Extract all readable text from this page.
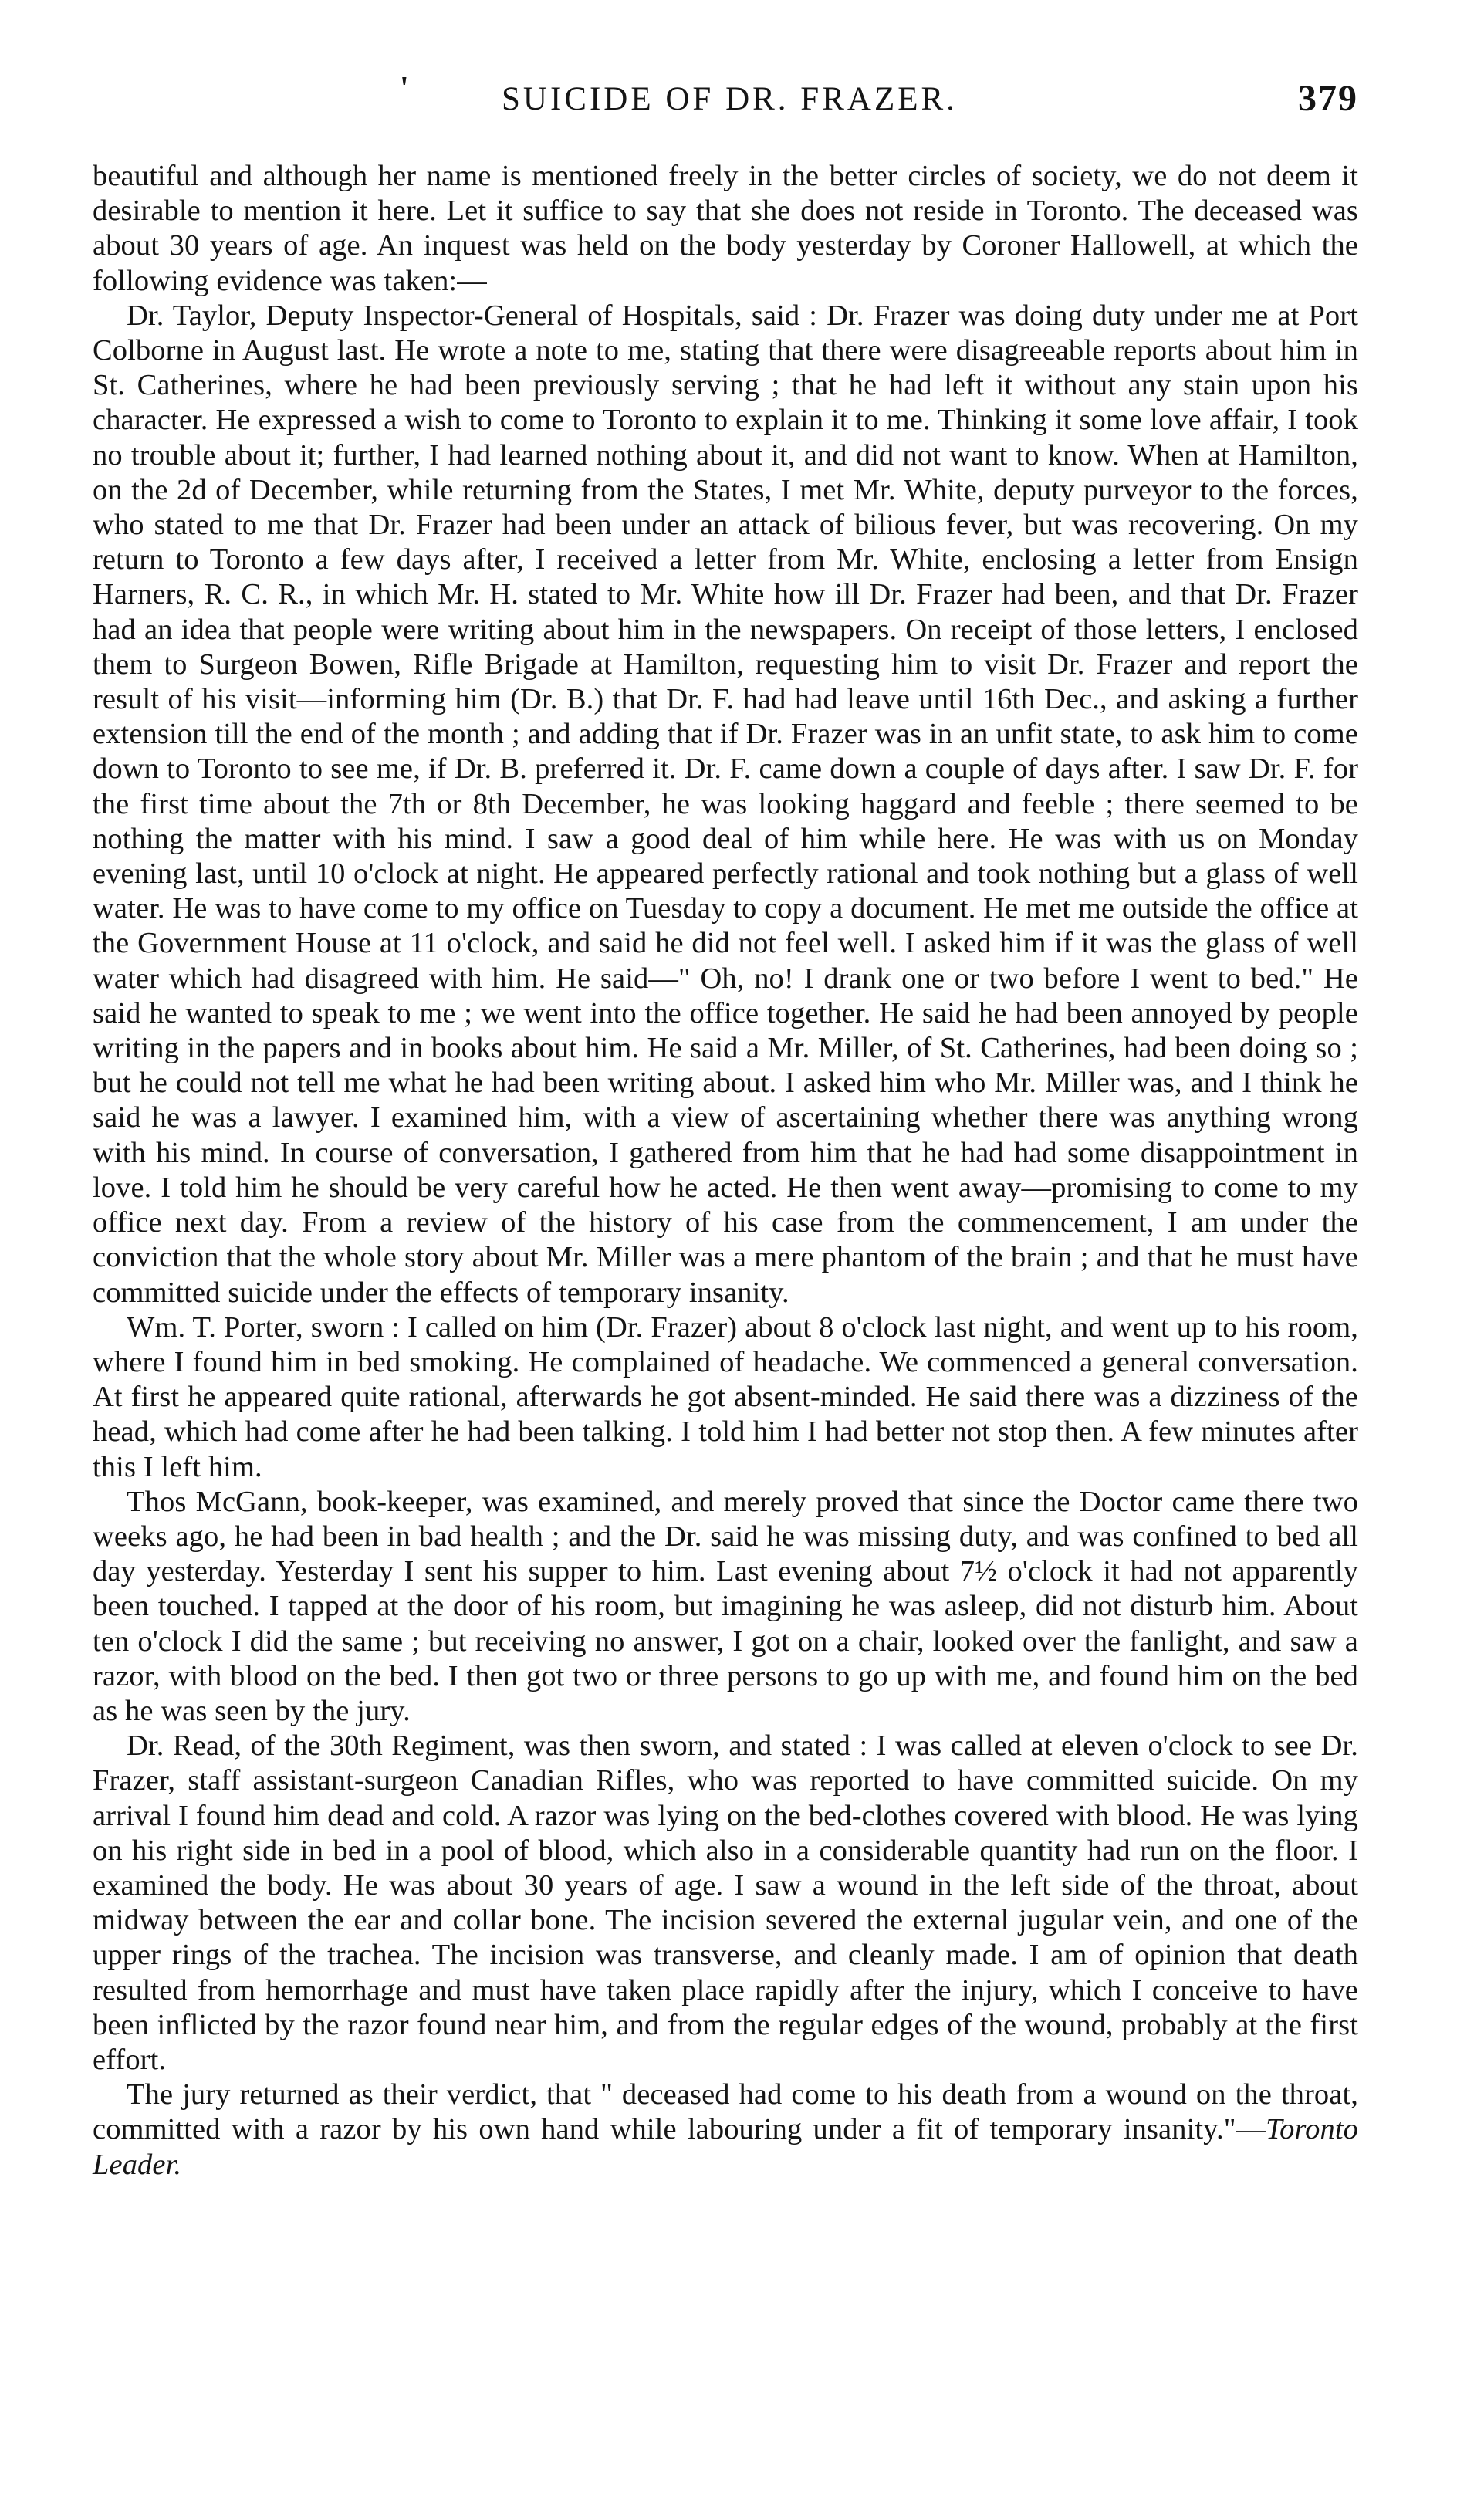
'	SUICIDE OF DR. FRAZER.	379

beautiful and although her name is mentioned freely in the better circles of society, we do not deem it desirable to mention it here. Let it suffice to say that she does not reside in Toronto. The deceased was about 30 years of age. An inquest was held on the body yesterday by Coroner Hallowell, at which the following evidence was taken:—

Dr. Taylor, Deputy Inspector-General of Hospitals, said : Dr. Frazer was doing duty under me at Port Colborne in August last. He wrote a note to me, stating that there were disagreeable reports about him in St. Catherines, where he had been previously serving ; that he had left it without any stain upon his character. He expressed a wish to come to Toronto to explain it to me. Thinking it some love affair, I took no trouble about it; further, I had learned nothing about it, and did not want to know. When at Hamilton, on the 2d of December, while returning from the States, I met Mr. White, deputy purveyor to the forces, who stated to me that Dr. Frazer had been under an attack of bilious fever, but was recovering. On my return to Toronto a few days after, I received a letter from Mr. White, enclosing a letter from Ensign Harners, R. C. R., in which Mr. H. stated to Mr. White how ill Dr. Frazer had been, and that Dr. Frazer had an idea that people were writing about him in the newspapers. On receipt of those letters, I enclosed them to Surgeon Bowen, Rifle Brigade at Hamilton, requesting him to visit Dr. Frazer and report the result of his visit—informing him (Dr. B.) that Dr. F. had had leave until 16th Dec., and asking a further extension till the end of the month ; and adding that if Dr. Frazer was in an unfit state, to ask him to come down to Toronto to see me, if Dr. B. preferred it. Dr. F. came down a couple of days after. I saw Dr. F. for the first time about the 7th or 8th December, he was looking haggard and feeble ; there seemed to be nothing the matter with his mind. I saw a good deal of him while here. He was with us on Monday evening last, until 10 o'clock at night. He appeared perfectly rational and took nothing but a glass of well water. He was to have come to my office on Tuesday to copy a document. He met me outside the office at the Government House at 11 o'clock, and said he did not feel well. I asked him if it was the glass of well water which had disagreed with him. He said—" Oh, no! I drank one or two before I went to bed." He said he wanted to speak to me ; we went into the office together. He said he had been annoyed by people writing in the papers and in books about him. He said a Mr. Miller, of St. Catherines, had been doing so ; but he could not tell me what he had been writing about. I asked him who Mr. Miller was, and I think he said he was a lawyer. I examined him, with a view of ascertaining whether there was anything wrong with his mind. In course of conversation, I gathered from him that he had had some disappointment in love. I told him he should be very careful how he acted. He then went away—promising to come to my office next day. From a review of the history of his case from the commencement, I am under the conviction that the whole story about Mr. Miller was a mere phantom of the brain ; and that he must have committed suicide under the effects of temporary insanity.

Wm. T. Porter, sworn : I called on him (Dr. Frazer) about 8 o'clock last night, and went up to his room, where I found him in bed smoking. He complained of headache. We commenced a general conversation. At first he appeared quite rational, afterwards he got absent-minded. He said there was a dizziness of the head, which had come after he had been talking. I told him I had better not stop then. A few minutes after this I left him.

Thos McGann, book-keeper, was examined, and merely proved that since the Doctor came there two weeks ago, he had been in bad health ; and the Dr. said he was missing duty, and was confined to bed all day yesterday. Yesterday I sent his supper to him. Last evening about 7½ o'clock it had not apparently been touched. I tapped at the door of his room, but imagining he was asleep, did not disturb him. About ten o'clock I did the same ; but receiving no answer, I got on a chair, looked over the fanlight, and saw a razor, with blood on the bed. I then got two or three persons to go up with me, and found him on the bed as he was seen by the jury.

Dr. Read, of the 30th Regiment, was then sworn, and stated : I was called at eleven o'clock to see Dr. Frazer, staff assistant-surgeon Canadian Rifles, who was reported to have committed suicide. On my arrival I found him dead and cold. A razor was lying on the bed-clothes covered with blood. He was lying on his right side in bed in a pool of blood, which also in a considerable quantity had run on the floor. I examined the body. He was about 30 years of age. I saw a wound in the left side of the throat, about midway between the ear and collar bone. The incision severed the external jugular vein, and one of the upper rings of the trachea. The incision was transverse, and cleanly made. I am of opinion that death resulted from hemorrhage and must have taken place rapidly after the injury, which I conceive to have been inflicted by the razor found near him, and from the regular edges of the wound, probably at the first effort.

The jury returned as their verdict, that " deceased had come to his death from a wound on the throat, committed with a razor by his own hand while labouring under a fit of temporary insanity."—Toronto Leader.
